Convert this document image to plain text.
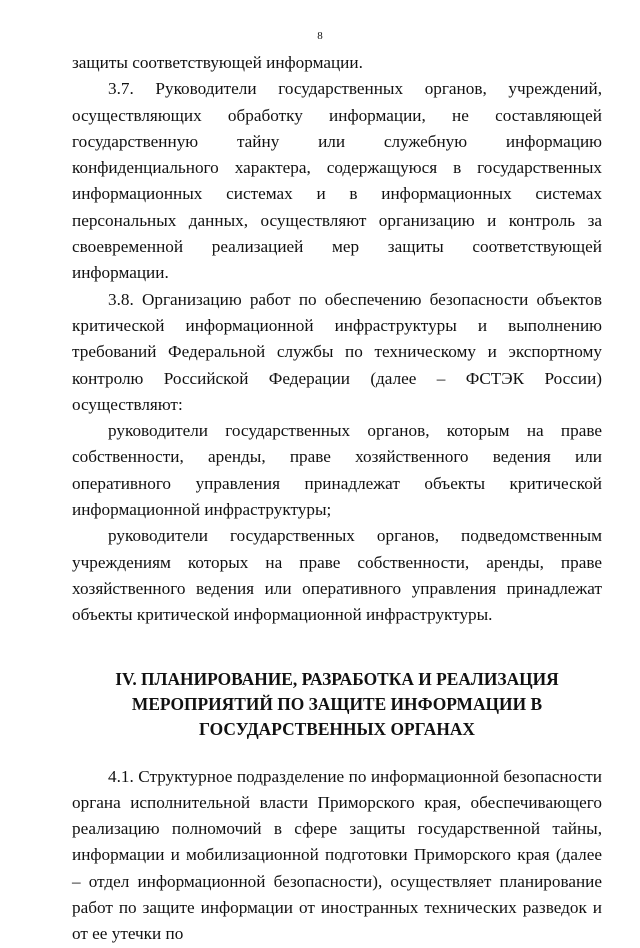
8

защиты соответствующей информации.

3.7. Руководители государственных органов, учреждений, осуществляющих обработку информации, не составляющей государственную тайну или служебную информацию конфиденциального характера, содержащуюся в государственных информационных системах и в информационных системах персональных данных, осуществляют организацию и контроль за своевременной реализацией мер защиты соответствующей информации.

3.8. Организацию работ по обеспечению безопасности объектов критической информационной инфраструктуры и выполнению требований Федеральной службы по техническому и экспортному контролю Российской Федерации (далее – ФСТЭК России) осуществляют:

руководители государственных органов, которым на праве собственности, аренды, праве хозяйственного ведения или оперативного управления принадлежат объекты критической информационной инфраструктуры;

руководители государственных органов, подведомственным учреждениям которых на праве собственности, аренды, праве хозяйственного ведения или оперативного управления принадлежат объекты критической информационной инфраструктуры.

IV. ПЛАНИРОВАНИЕ, РАЗРАБОТКА И РЕАЛИЗАЦИЯ
МЕРОПРИЯТИЙ ПО ЗАЩИТЕ ИНФОРМАЦИИ В
ГОСУДАРСТВЕННЫХ ОРГАНАХ

4.1. Структурное подразделение по информационной безопасности органа исполнительной власти Приморского края, обеспечивающего реализацию полномочий в сфере защиты государственной тайны, информации и мобилизационной подготовки Приморского края (далее – отдел информационной безопасности), осуществляет планирование работ по защите информации от иностранных технических разведок и от ее утечки по
